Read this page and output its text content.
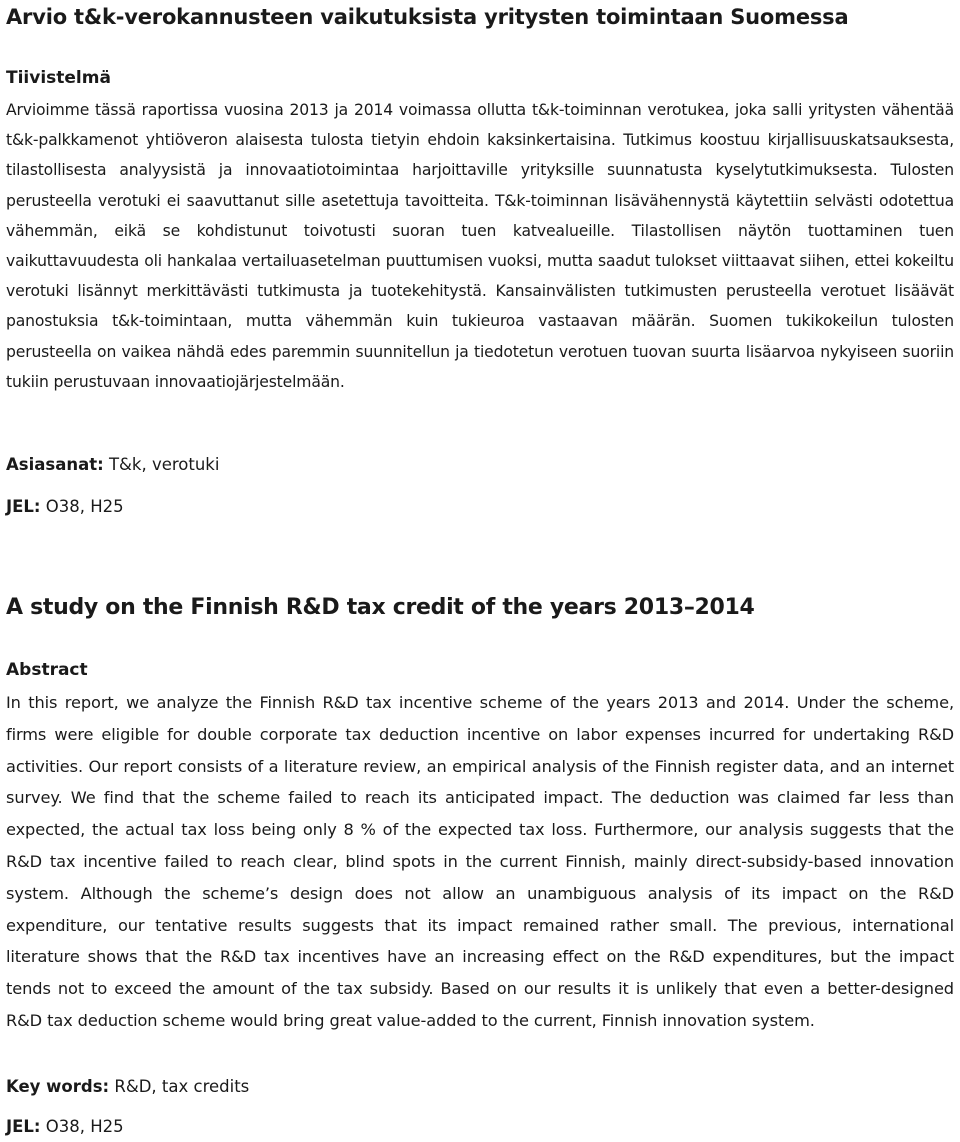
Arvio t&k-verokannusteen vaikutuksista yritysten toimintaan Suomessa
Tiivistelmä

Arvioimme tässä raportissa vuosina 2013 ja 2014 voimassa ollutta t&k-toiminnan verotukea, joka salli yritysten vähentää t&k-palkkamenot yhtiöveron alaisesta tulosta tietyin ehdoin kaksinkertaisina. Tutkimus koostuu kirjallisuuskatsauksesta, tilastollisesta analyysistä ja innovaatiotoimintaa harjoittaville yrityksille suunnatusta kyselytutkimuksesta. Tulosten perusteella verotuki ei saavuttanut sille asetettuja tavoitteita. T&k-toiminnan lisävähennystä käytettiin selvästi odotettua vähemmän, eikä se kohdistunut toivotusti suoran tuen katvealueille. Tilastollisen näytön tuottaminen tuen vaikuttavuudesta oli hankalaa vertailuasetelman puuttumisen vuoksi, mutta saadut tulokset viittaavat siihen, ettei kokeiltu verotuki lisännyt merkittävästi tutkimusta ja tuotekehitystä. Kansainvälisten tutkimusten perusteella verotuet lisäävät panostuksia t&k-toimintaan, mutta vähemmän kuin tukieuroa vastaavan määrän. Suomen tukikokeilun tulosten perusteella on vaikea nähdä edes paremmin suunnitellun ja tiedotetun verotuen tuovan suurta lisäarvoa nykyiseen suoriin tukiin perustuvaan innovaatiojärjestelmään.

Asiasanat: T&k, verotuki

JEL: O38, H25

A study on the Finnish R&D tax credit of the years 2013–2014
Abstract

In this report, we analyze the Finnish R&D tax incentive scheme of the years 2013 and 2014. Under the scheme, firms were eligible for double corporate tax deduction incentive on labor expenses incurred for undertaking R&D activities. Our report consists of a literature review, an empirical analysis of the Finnish register data, and an internet survey. We find that the scheme failed to reach its anticipated impact. The deduction was claimed far less than expected, the actual tax loss being only 8 % of the expected tax loss. Furthermore, our analysis suggests that the R&D tax incentive failed to reach clear, blind spots in the current Finnish, mainly direct-subsidy-based innovation system. Although the scheme’s design does not allow an unambiguous analysis of its impact on the R&D expenditure, our tentative results suggests that its impact remained rather small. The previous, international literature shows that the R&D tax incentives have an increasing effect on the R&D expenditures, but the impact tends not to exceed the amount of the tax subsidy. Based on our results it is unlikely that even a better-designed R&D tax deduction scheme would bring great value-added to the current, Finnish innovation system.

Key words: R&D, tax credits

JEL: O38, H25
